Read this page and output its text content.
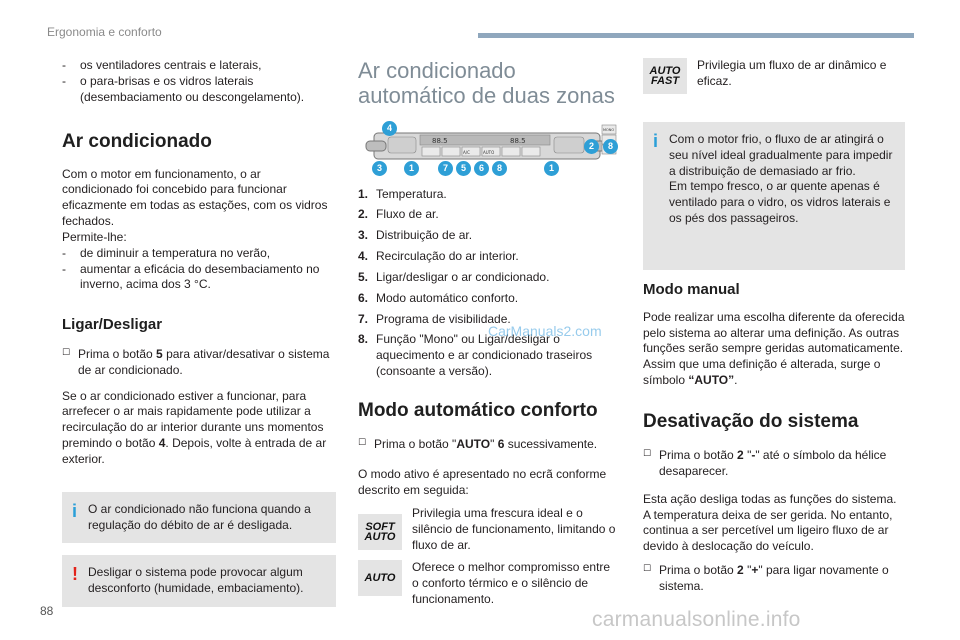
Ergonomia e conforto
-	os ventiladores centrais e laterais,
-	o para-brisas e os vidros laterais (desembaciamento ou descongelamento).
Ar condicionado

Com o motor em funcionamento, o ar condicionado foi concebido para funcionar eficazmente em todas as estações, com os vidros fechados.

Permite-lhe:

-	de diminuir a temperatura no verão,
-	aumentar a eficácia do desembaciamento no inverno, acima dos 3 °C.
Ligar/Desligar
☐ Prima o botão 5 para ativar/desativar o sistema de ar condicionado.

Se o ar condicionado estiver a funcionar, para arrefecer o ar mais rapidamente pode utilizar a recirculação do ar interior durante uns momentos premindo o botão 4. Depois, volte à entrada de ar exterior.

i O ar condicionado não funciona quando a regulação do débito de ar é desligada.
! Desligar o sistema pode provocar algum desconforto (humidade, embaciamento).
Ar condicionado
automático de duas zonas
88.5	88.5
A/C	AUTO
MONO
4
3	1	7	5	6	8	1
2	8
1. Temperatura.
2. Fluxo de ar.
3. Distribuição de ar.
4. Recirculação do ar interior.
5. Ligar/desligar o ar condicionado.
6. Modo automático conforto.
7. Programa de visibilidade.
8. Função "Mono" ou Ligar/desligar o aquecimento e ar condicionado traseiros (consoante a versão).
Modo automático conforto
☐ Prima o botão "AUTO" 6 sucessivamente.

O modo ativo é apresentado no ecrã conforme descrito em seguida:

SOFT
AUTO
Privilegia uma frescura ideal e o silêncio de funcionamento, limitando o fluxo de ar.
AUTO
Oferece o melhor compromisso entre o conforto térmico e o silêncio de funcionamento.
CarManuals2.com
AUTO
FAST
Privilegia um fluxo de ar dinâmico e eficaz.
i Com o motor frio, o fluxo de ar atingirá o seu nível ideal gradualmente para impedir a distribuição de demasiado ar frio.
Em tempo fresco, o ar quente apenas é ventilado para o vidro, os vidros laterais e os pés dos passageiros.
Modo manual

Pode realizar uma escolha diferente da oferecida pelo sistema ao alterar uma definição. As outras funções serão sempre geridas automaticamente.

Assim que uma definição é alterada, surge o símbolo “AUTO”.

Desativação do sistema
☐ Prima o botão 2 "-" até o símbolo da hélice desaparecer.

Esta ação desliga todas as funções do sistema. A temperatura deixa de ser gerida. No entanto, continua a ser percetível um ligeiro fluxo de ar devido à deslocação do veículo.

☐ Prima o botão 2 "+" para ligar novamente o sistema.
88	carmanualsonline.info
